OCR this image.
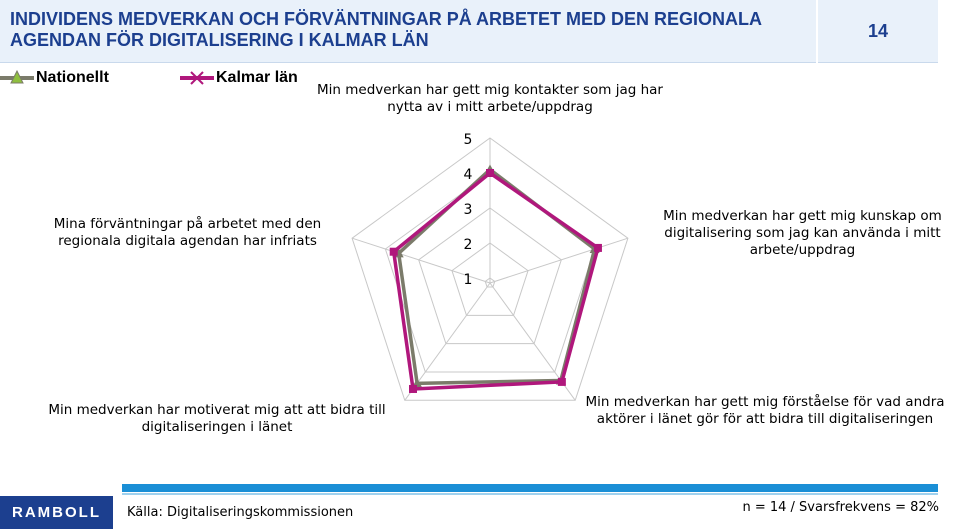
INDIVIDENS MEDVERKAN OCH FÖRVÄNTNINGAR PÅ ARBETET MED DEN REGIONALA AGENDAN FÖR DIGITALISERING I KALMAR LÄN	14
Nationellt	Kalmar län
1
2
3
4
5
Min medverkan har gett mig kontakter som jag har nytta av i mitt arbete/uppdrag
Min medverkan har gett mig kunskap om digitalisering som jag kan använda i mitt arbete/uppdrag
Min medverkan har gett mig förståelse för vad andra aktörer i länet gör för att bidra till digitaliseringen
Min medverkan har motiverat mig att att bidra till digitaliseringen i länet
Mina förväntningar på arbetet med den regionala digitala agendan har infriats
RAMBOLL	Källa: Digitaliseringskommissionen	n = 14 / Svarsfrekvens = 82%
